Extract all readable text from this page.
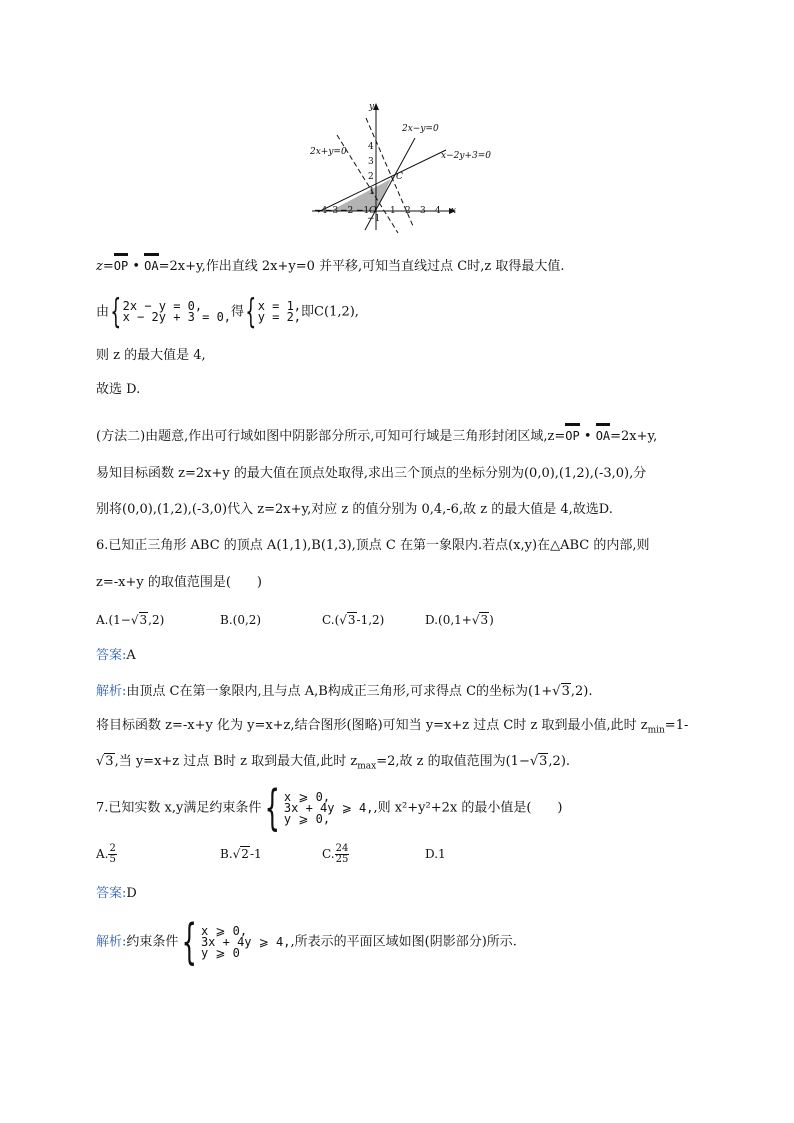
y
x
C
O
2x+y=0
2x−y=0
x−2y+3=0
−4
−3 −2 −1 1 2 3 4
4
3
2
1
−1
z=OP • OA=2x+y,作出直线 2x+y=0 并平移,可知当直线过点 C时,z 取得最大值.
由 { 2x − y = 0,
x − 2y + 3 = 0, 得 { x = 1,
y = 2, 即C(1,2),
则 z 的最大值是 4,
故选 D.
(方法二)由题意,作出可行域如图中阴影部分所示,可知可行域是三角形封闭区域,z=OP • OA=2x+y,
易知目标函数 z=2x+y 的最大值在顶点处取得,求出三个顶点的坐标分别为(0,0),(1,2),(-3,0),分
别将(0,0),(1,2),(-3,0)代入 z=2x+y,对应 z 的值分别为 0,4,-6,故 z 的最大值是 4,故选D.
6.已知正三角形 ABC 的顶点 A(1,1),B(1,3),顶点 C 在第一象限内.若点(x,y)在△ABC 的内部,则
z=-x+y 的取值范围是(　　)
A.(1−√3,2)	B.(0,2)	C.(√3-1,2)	D.(0,1+√3)
答案:A
解析:由顶点 C在第一象限内,且与点 A,B构成正三角形,可求得点 C的坐标为(1+√3,2).
将目标函数 z=-x+y 化为 y=x+z,结合图形(图略)可知当 y=x+z 过点 C时 z 取到最小值,此时 $z_{min}=1-$
√3,当 y=x+z 过点 B时 z 取到最大值,此时 $z_{max}=2$,故 z 的取值范围为(1−√3,2).
7.已知实数 x,y满足约束条件 { x ⩾ 0,
3x + 4y ⩾ 4,
y ⩾ 0,
,则 x²+y²+2x 的最小值是(　　)
A. $\frac{2}{5}$	B.√2-1	C. $\frac{24}{25}$	D.1
答案:D
解析:约束条件 { x ⩾ 0,
3x + 4y ⩾ 4,
y ⩾ 0
,所表示的平面区域如图(阴影部分)所示.
